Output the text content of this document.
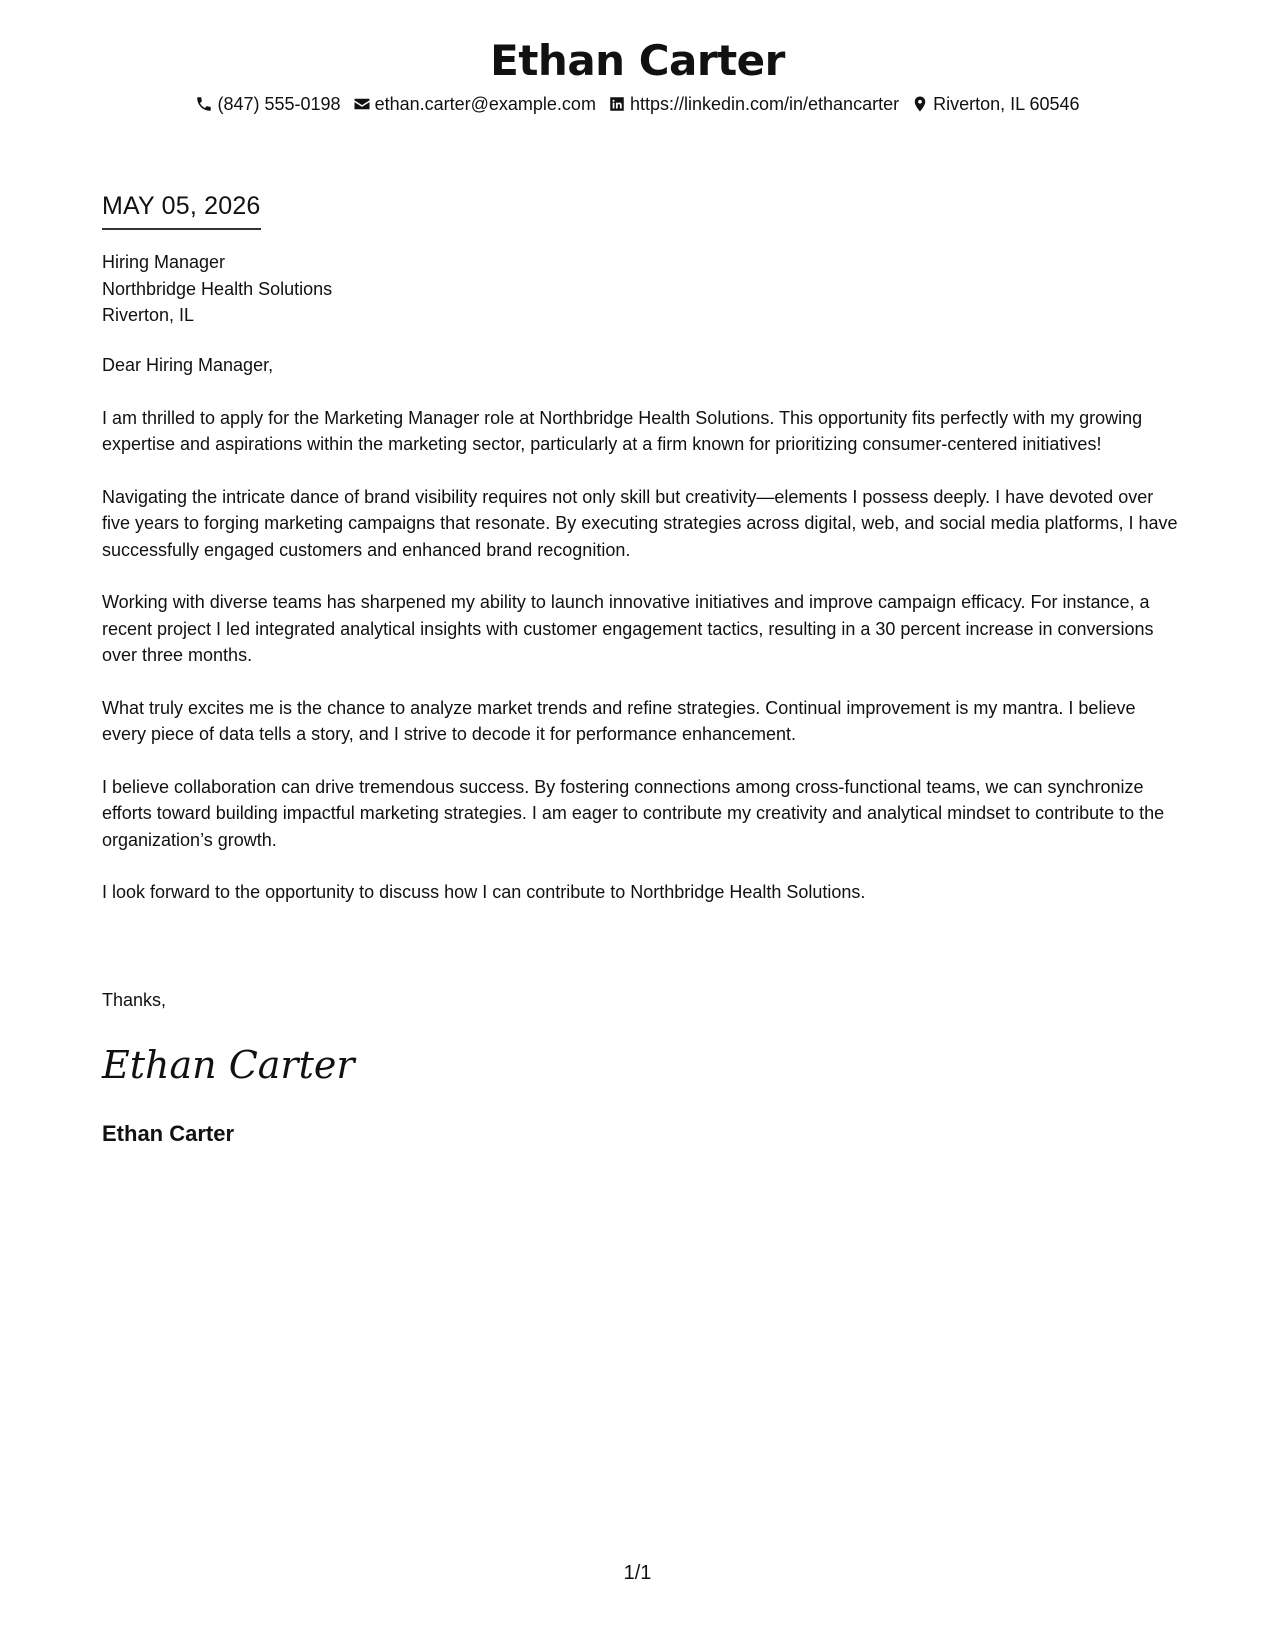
Ethan Carter
(847) 555-0198 ethan.carter@example.com https://linkedin.com/in/ethancarter Riverton, IL 60546
MAY 05, 2026
Hiring Manager
Northbridge Health Solutions
Riverton, IL

Dear Hiring Manager,

I am thrilled to apply for the Marketing Manager role at Northbridge Health Solutions. This opportunity fits perfectly with my growing expertise and aspirations within the marketing sector, particularly at a firm known for prioritizing consumer-centered initiatives!

Navigating the intricate dance of brand visibility requires not only skill but creativity—elements I possess deeply. I have devoted over five years to forging marketing campaigns that resonate. By executing strategies across digital, web, and social media platforms, I have successfully engaged customers and enhanced brand recognition.

Working with diverse teams has sharpened my ability to launch innovative initiatives and improve campaign efficacy. For instance, a recent project I led integrated analytical insights with customer engagement tactics, resulting in a 30 percent increase in conversions over three months.

What truly excites me is the chance to analyze market trends and refine strategies. Continual improvement is my mantra. I believe every piece of data tells a story, and I strive to decode it for performance enhancement.

I believe collaboration can drive tremendous success. By fostering connections among cross-functional teams, we can synchronize efforts toward building impactful marketing strategies. I am eager to contribute my creativity and analytical mindset to contribute to the organization’s growth.

I look forward to the opportunity to discuss how I can contribute to Northbridge Health Solutions.

Thanks,
Ethan Carter
Ethan Carter
1/1
